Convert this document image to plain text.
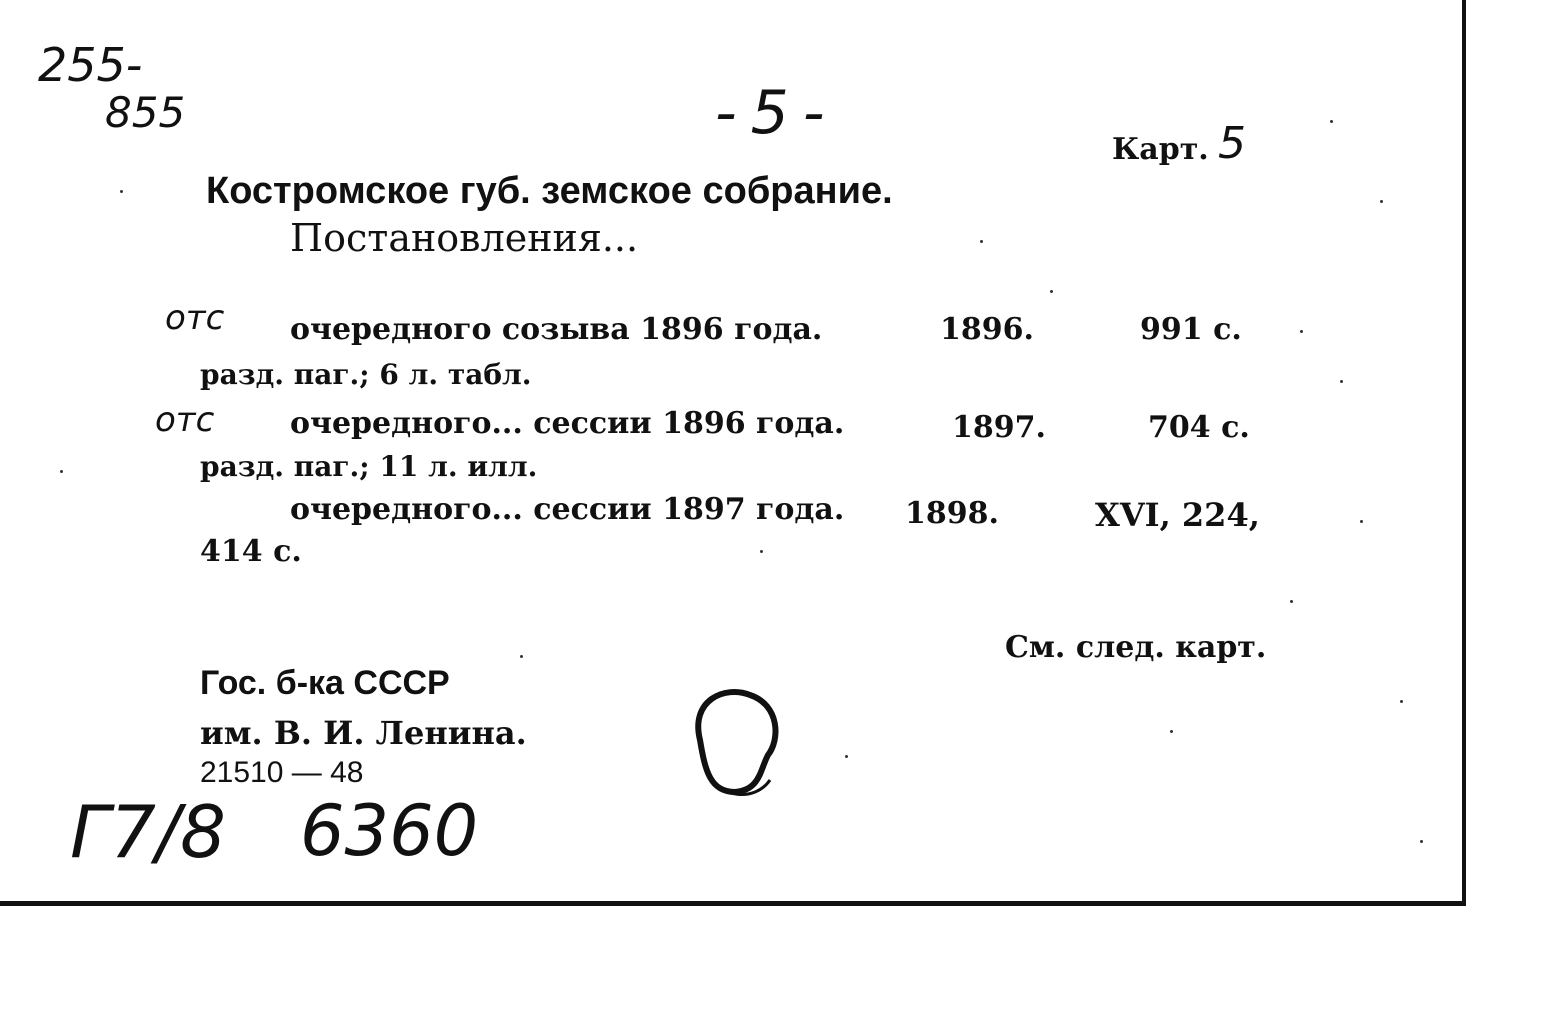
255-
855	-5-
Карт. 5
Костромское губ. земское собрание.
Постановления...
отс очередного созыва 1896 года.	1896.	991 с.
разд. паг.; 6 л. табл.
отс	очередного... сессии 1896 года.	1897.	704 с.
разд. паг.; 11 л. илл.
очередного... сессии 1897 года. 1898.	XVI, 224,
414 с.
См. след. карт.
Гос. б-ка СССР
им. В. И. Ленина.
21510 — 48
Г7/8 6360
